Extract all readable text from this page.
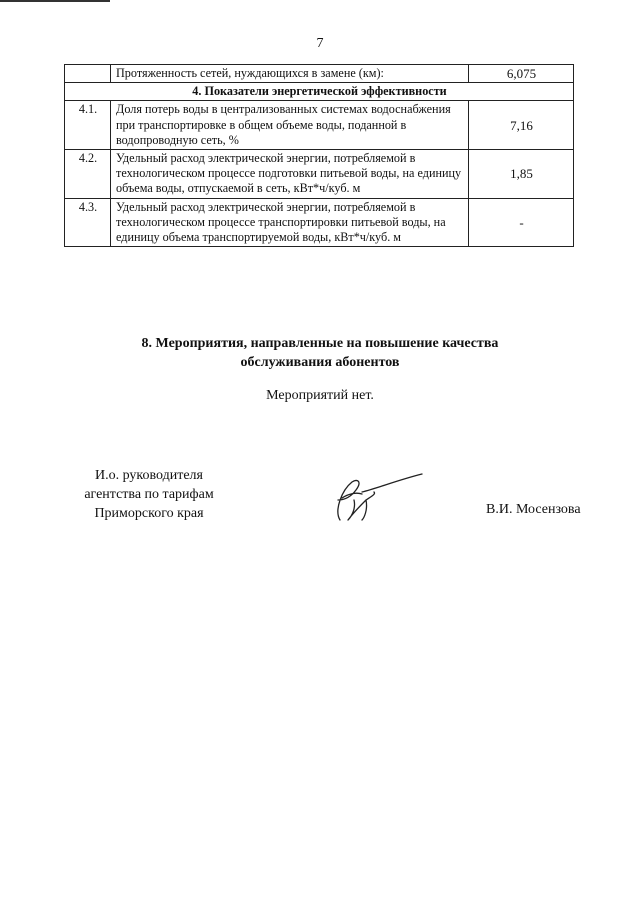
7
	Протяженность сетей, нуждающихся в замене (км):	6,075
4. Показатели энергетической эффективности		
4.1.	Доля потерь воды в централизованных системах водоснабжения при транспортировке в общем объеме воды, поданной в водопроводную сеть, %	7,16
4.2.	Удельный расход электрической энергии, потребляемой в технологическом процессе подготовки питьевой воды, на единицу объема воды, отпускаемой в сеть, кВт*ч/куб. м	1,85
4.3.	Удельный расход электрической энергии, потребляемой в технологическом процессе транспортировки питьевой воды, на единицу объема транспортируемой воды, кВт*ч/куб. м	-
8. Мероприятия, направленные на повышение качества
обслуживания абонентов
Мероприятий нет.
И.о. руководителя
агентства по тарифам
Приморского края	В.И. Мосензова
